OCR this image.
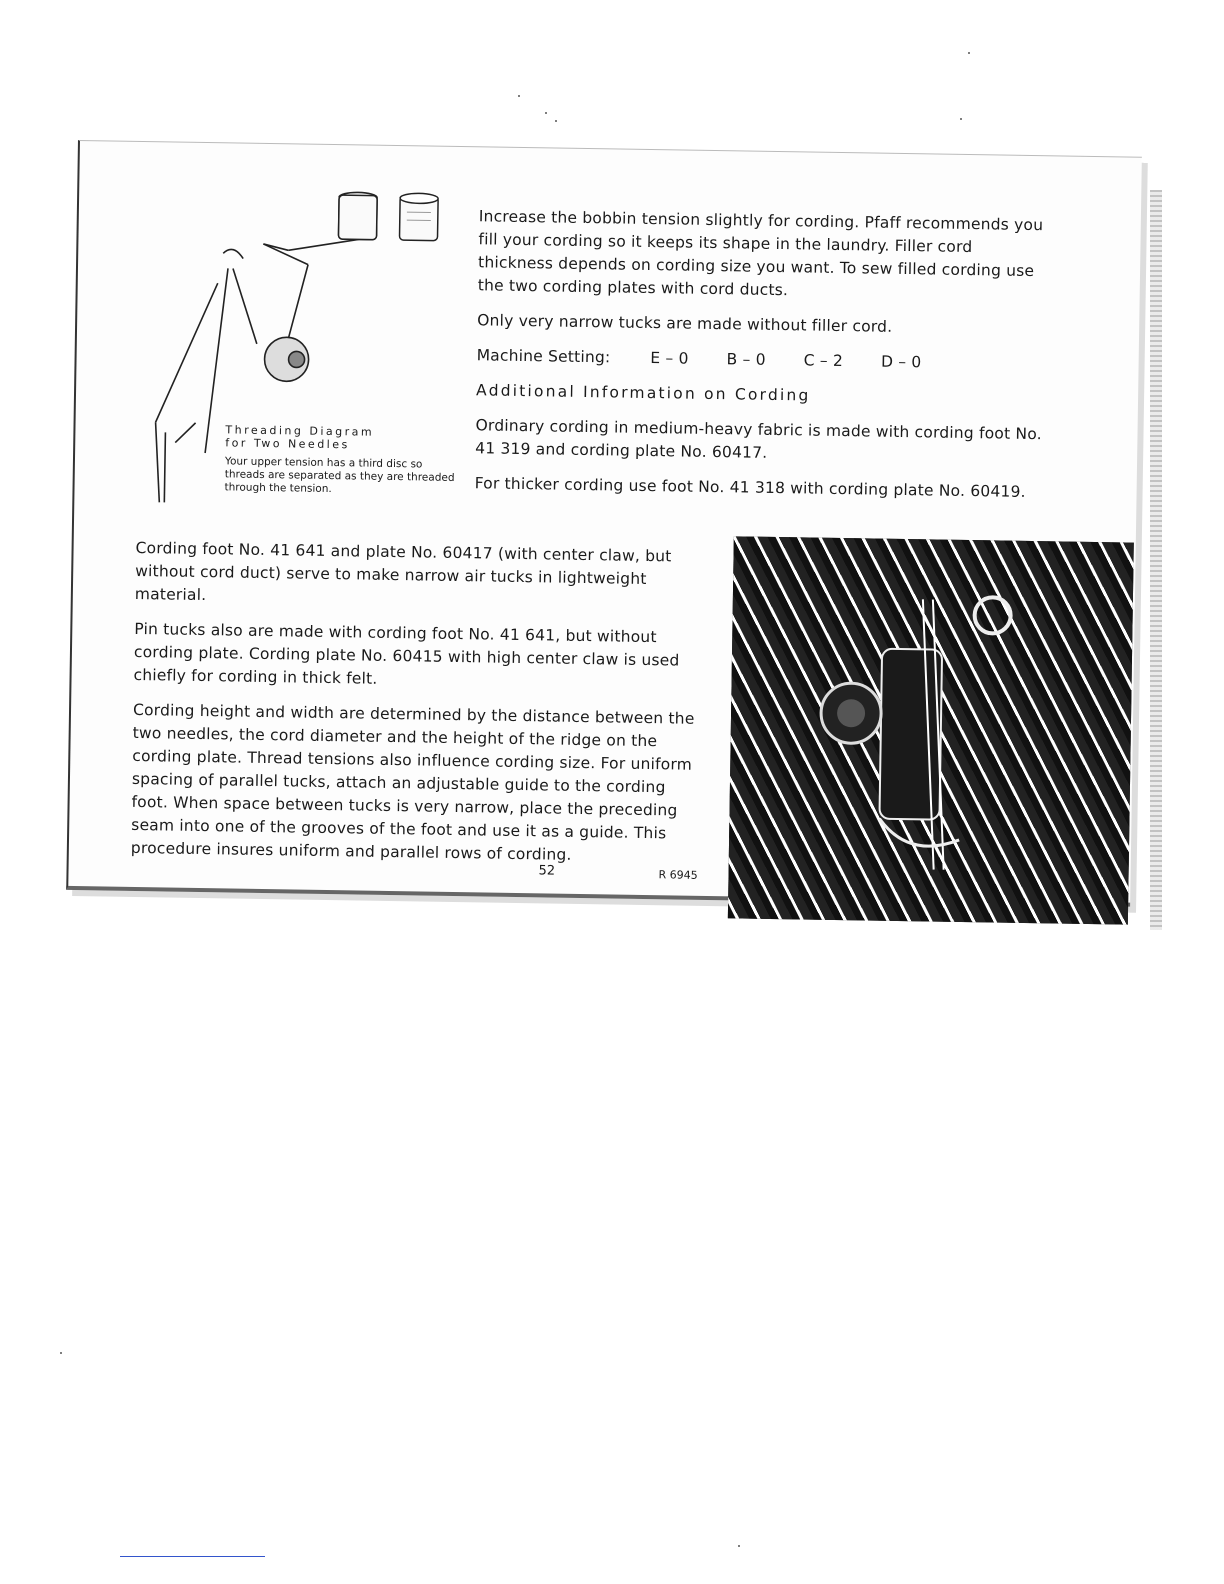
Threading Diagram
for Two Needles
Your upper tension has a third disc so threads are separated as they are threaded through the tension.

Increase the bobbin tension slightly for cording. Pfaff recommends you fill your cording so it keeps its shape in the laundry. Filler cord thickness depends on cording size you want. To sew filled cording use the two cording plates with cord ducts.

Only very narrow tucks are made without filler cord.

Machine Setting:	E – 0 B – 0 C – 2 D – 0

Additional Information on Cording

Ordinary cording in medium-heavy fabric is made with cording foot No. 41 319 and cording plate No. 60417.

For thicker cording use foot No. 41 318 with cording plate No. 60419.

Cording foot No. 41 641 and plate No. 60417 (with center claw, but without cord duct) serve to make narrow air tucks in lightweight material.

Pin tucks also are made with cording foot No. 41 641, but without cording plate. Cording plate No. 60415 with high center claw is used chiefly for cording in thick felt.

Cording height and width are determined by the distance between the two needles, the cord diameter and the height of the ridge on the cording plate. Thread tensions also influence cording size. For uniform spacing of parallel tucks, attach an adjustable guide to the cording foot. When space between tucks is very narrow, place the preceding seam into one of the grooves of the foot and use it as a guide. This procedure insures uniform and parallel rows of cording.

52	R 6945
